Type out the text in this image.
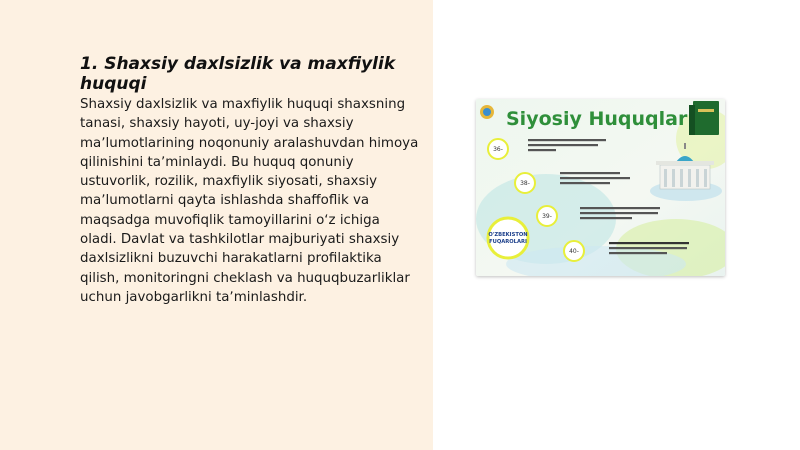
1. Shaxsiy daxlsizlik va maxfiylik huquqi

Shaxsiy daxlsizlik va maxfiylik huquqi shaxsning tanasi, shaxsiy hayoti, uy-joyi va shaxsiy maʼlumotlarining noqonuniy aralashuvdan himoya qilinishini taʼminlaydi. Bu huquq qonuniy ustuvorlik, rozilik, maxfiylik siyosati, shaxsiy maʼlumotlarni qayta ishlashda shaffoflik va maqsadga muvofiqlik tamoyillarini oʻz ichiga oladi. Davlat va tashkilotlar majburiyati shaxsiy daxlsizlikni buzuvchi harakatlarni profilaktika qilish, monitoringni cheklash va huquqbuzarliklar uchun javobgarlikni taʼminlashdir.

Siyosiy Huquqlar
36-
38-
39-
40-
O'ZBEKISTON
FUQAROLARI
